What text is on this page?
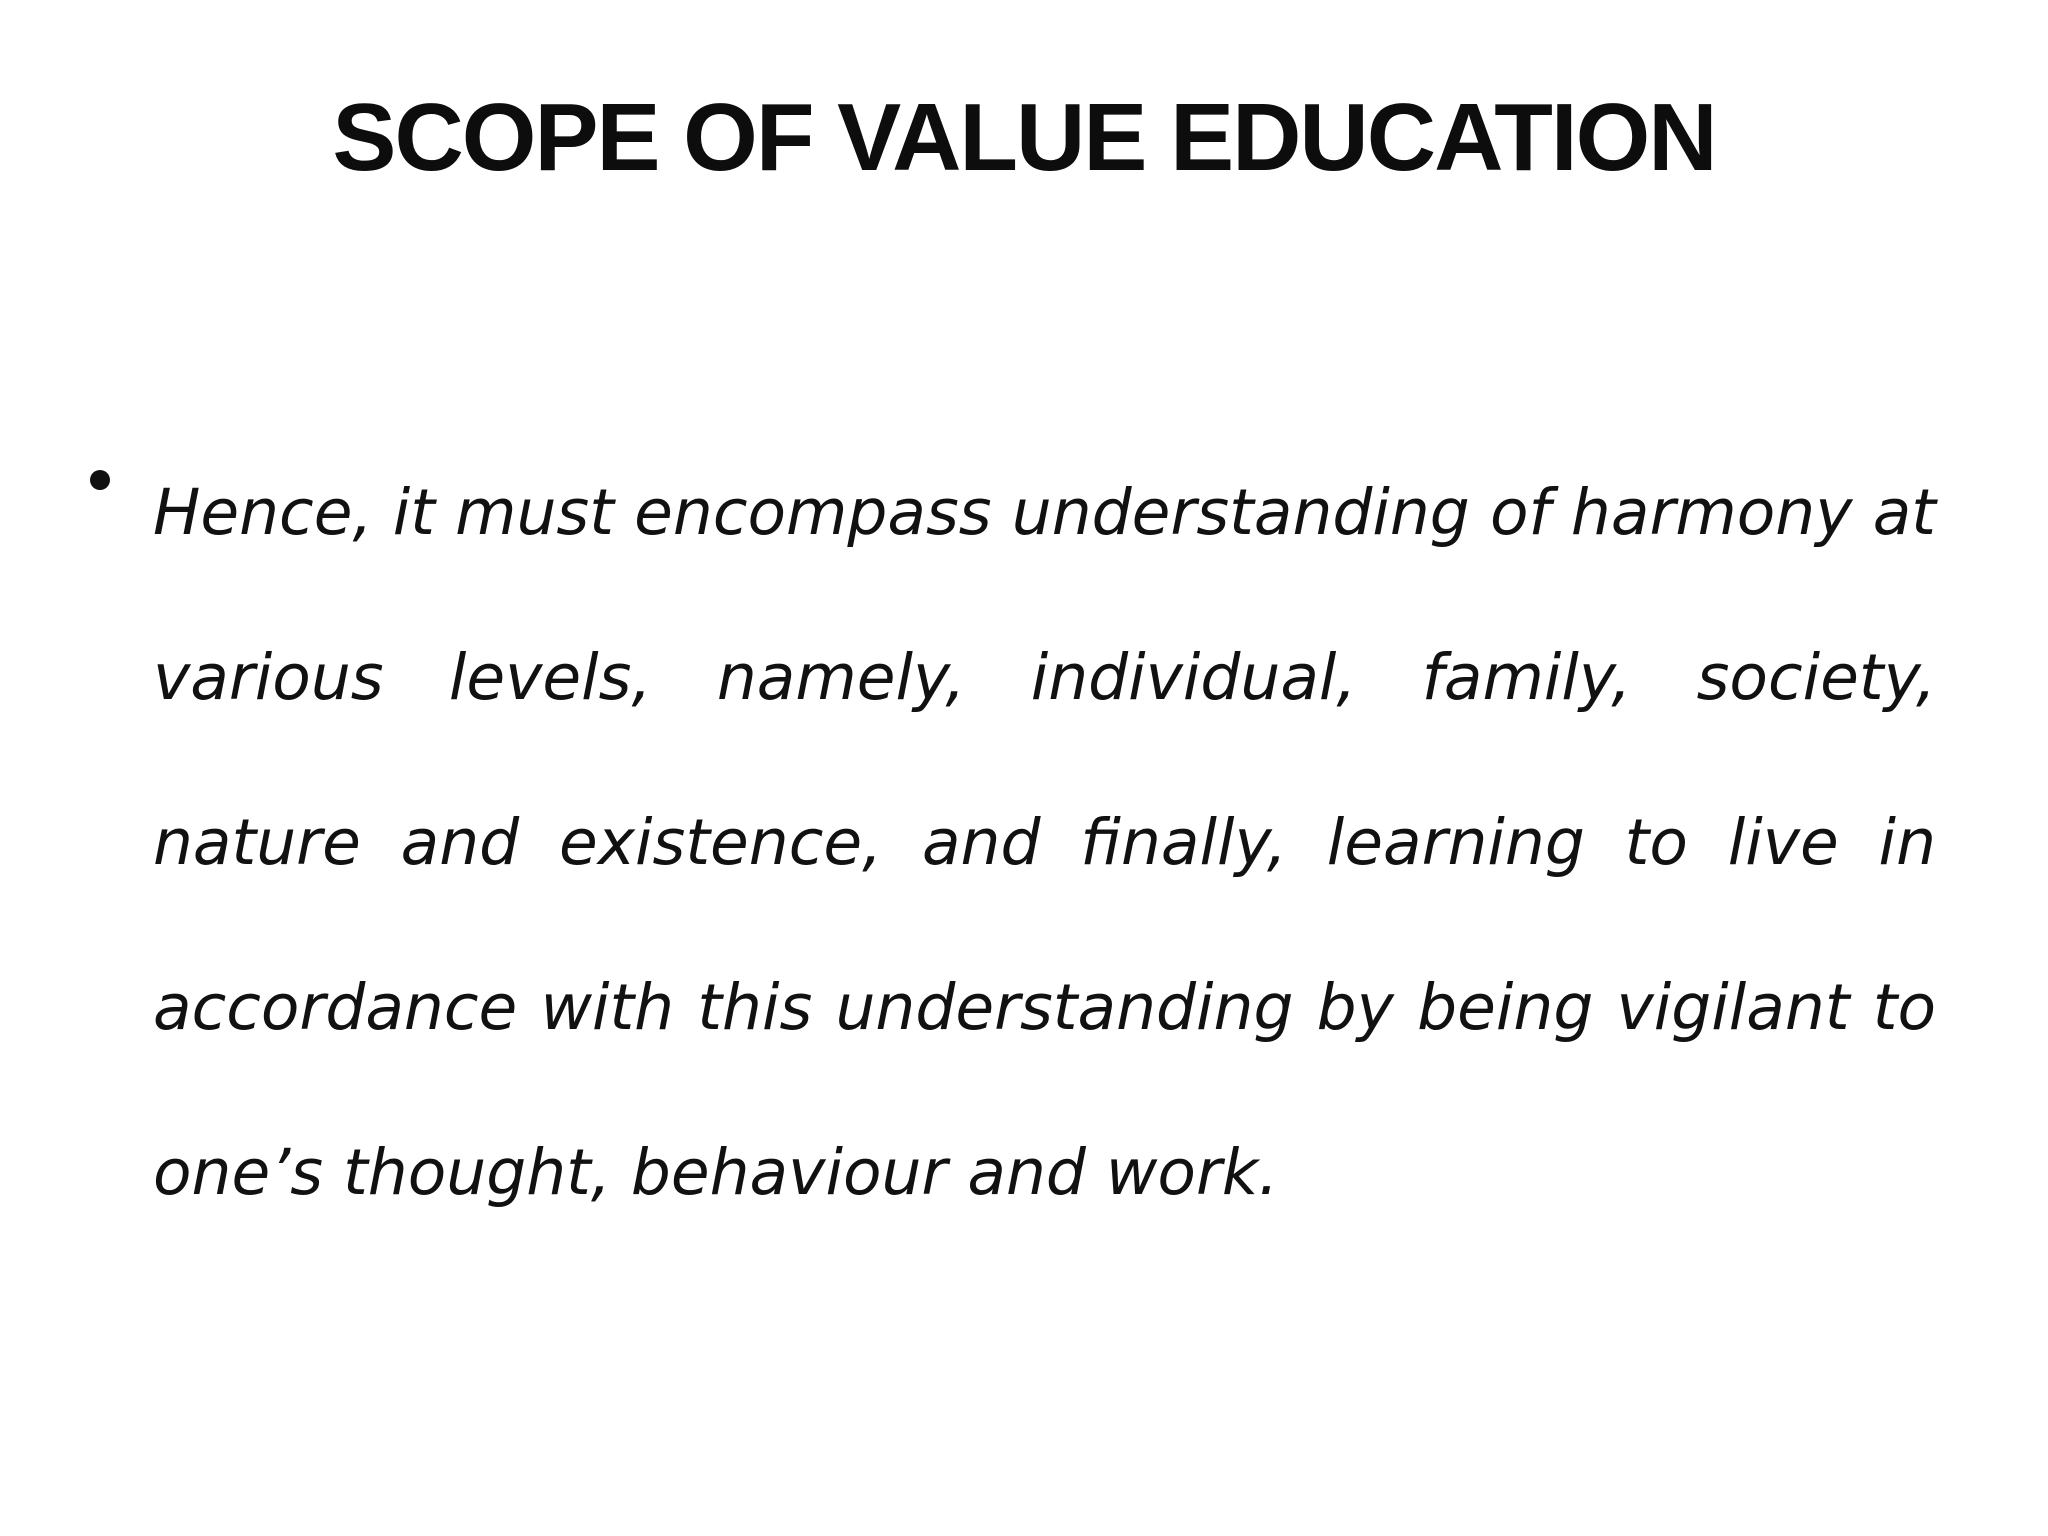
SCOPE OF VALUE EDUCATION

Hence, it must encompass understanding of harmony at various levels, namely, individual, family, society, nature and existence, and finally, learning to live in accordance with this understanding by being vigilant to one’s thought, behaviour and work.
